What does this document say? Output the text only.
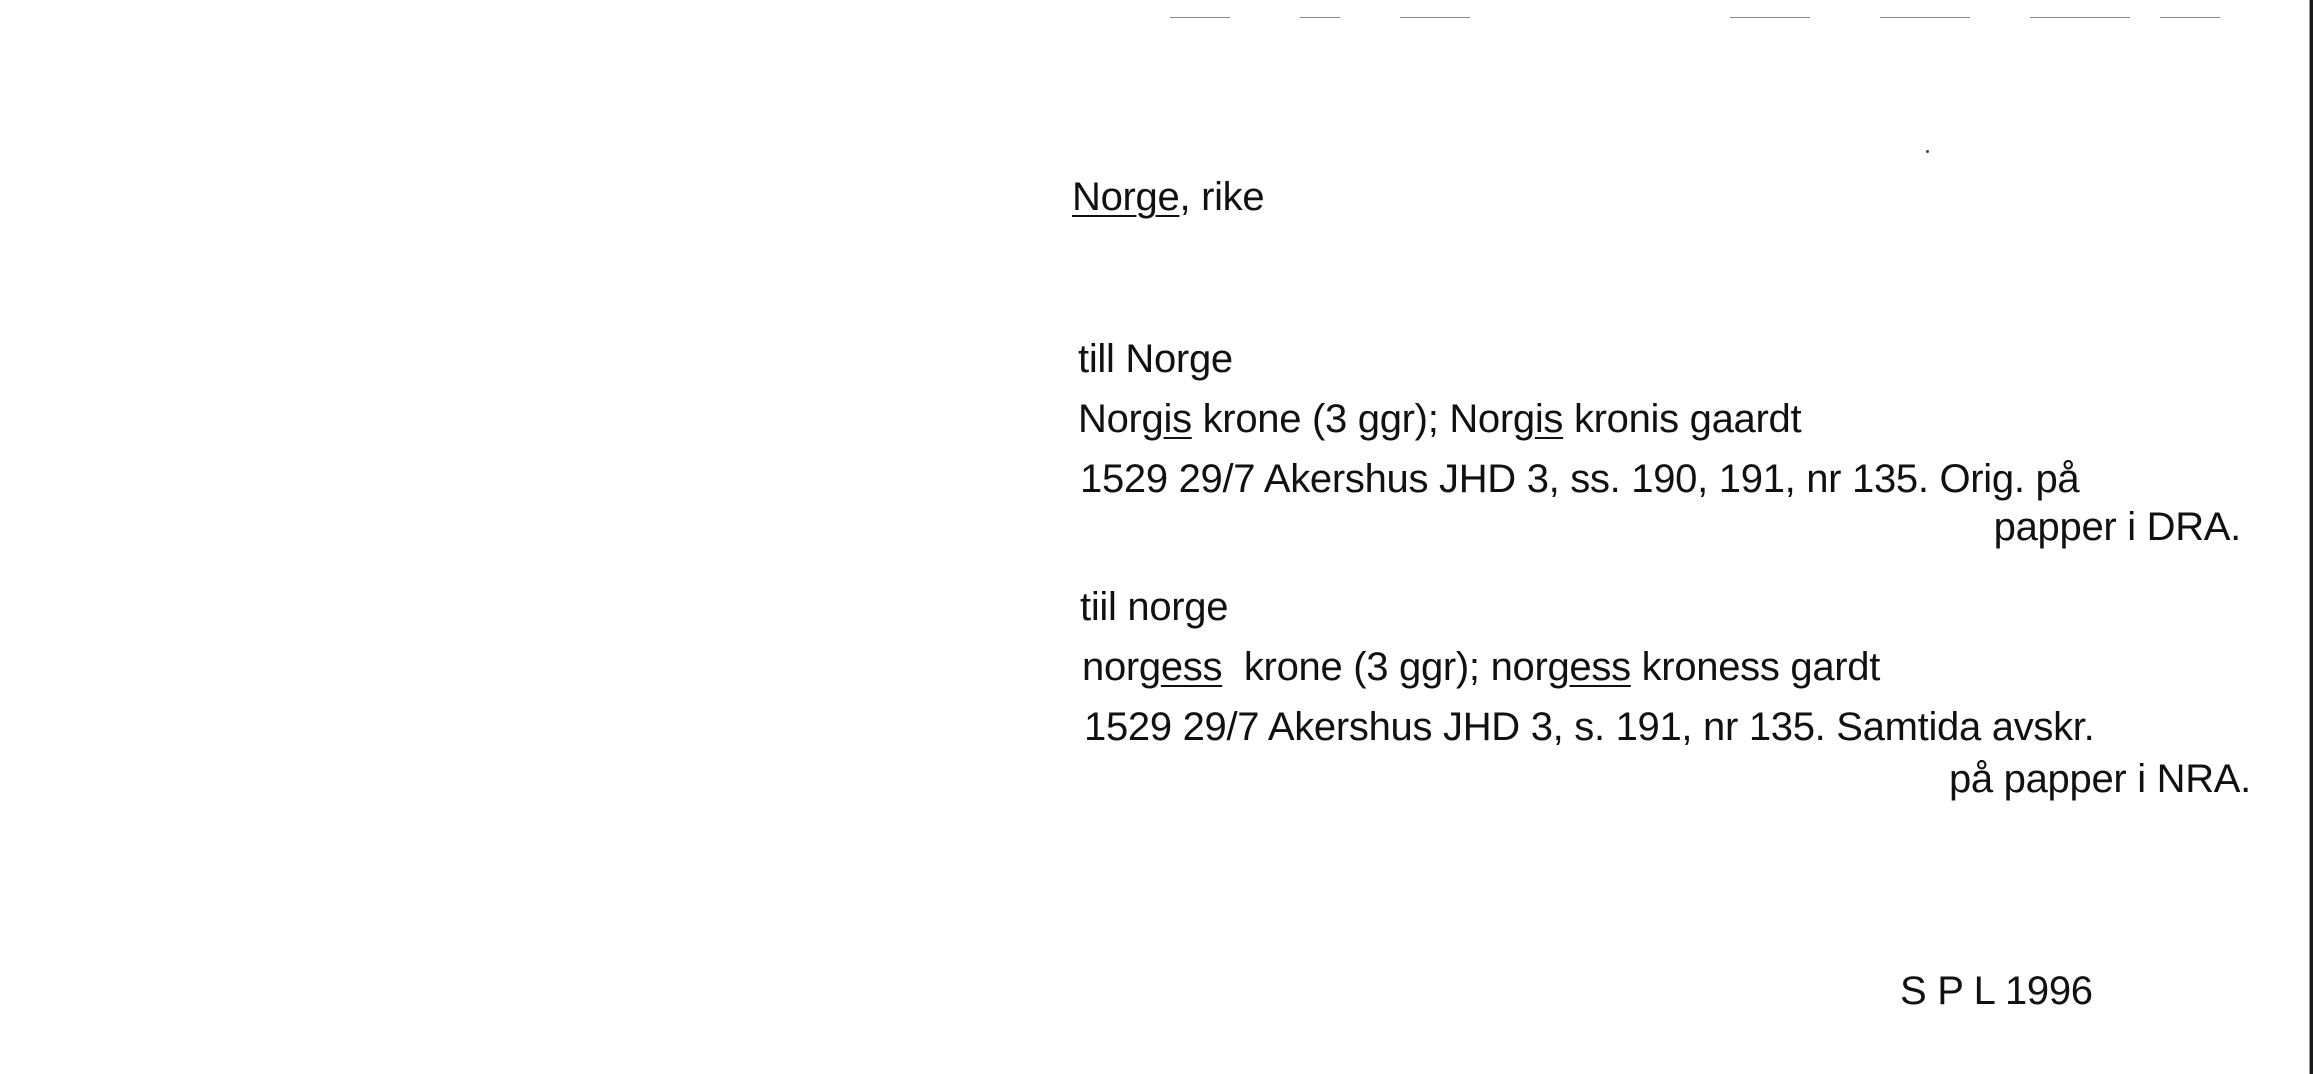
Norge, rike
till Norge
Norgis krone (3 ggr); Norgis kronis gaardt
1529 29/7 Akershus JHD 3, ss. 190, 191, nr 135. Orig. på
papper i DRA.
tiil norge
norgess  krone (3 ggr); norgess kroness gardt
1529 29/7 Akershus JHD 3, s. 191, nr 135. Samtida avskr.
på papper i NRA.
S P L 1996
